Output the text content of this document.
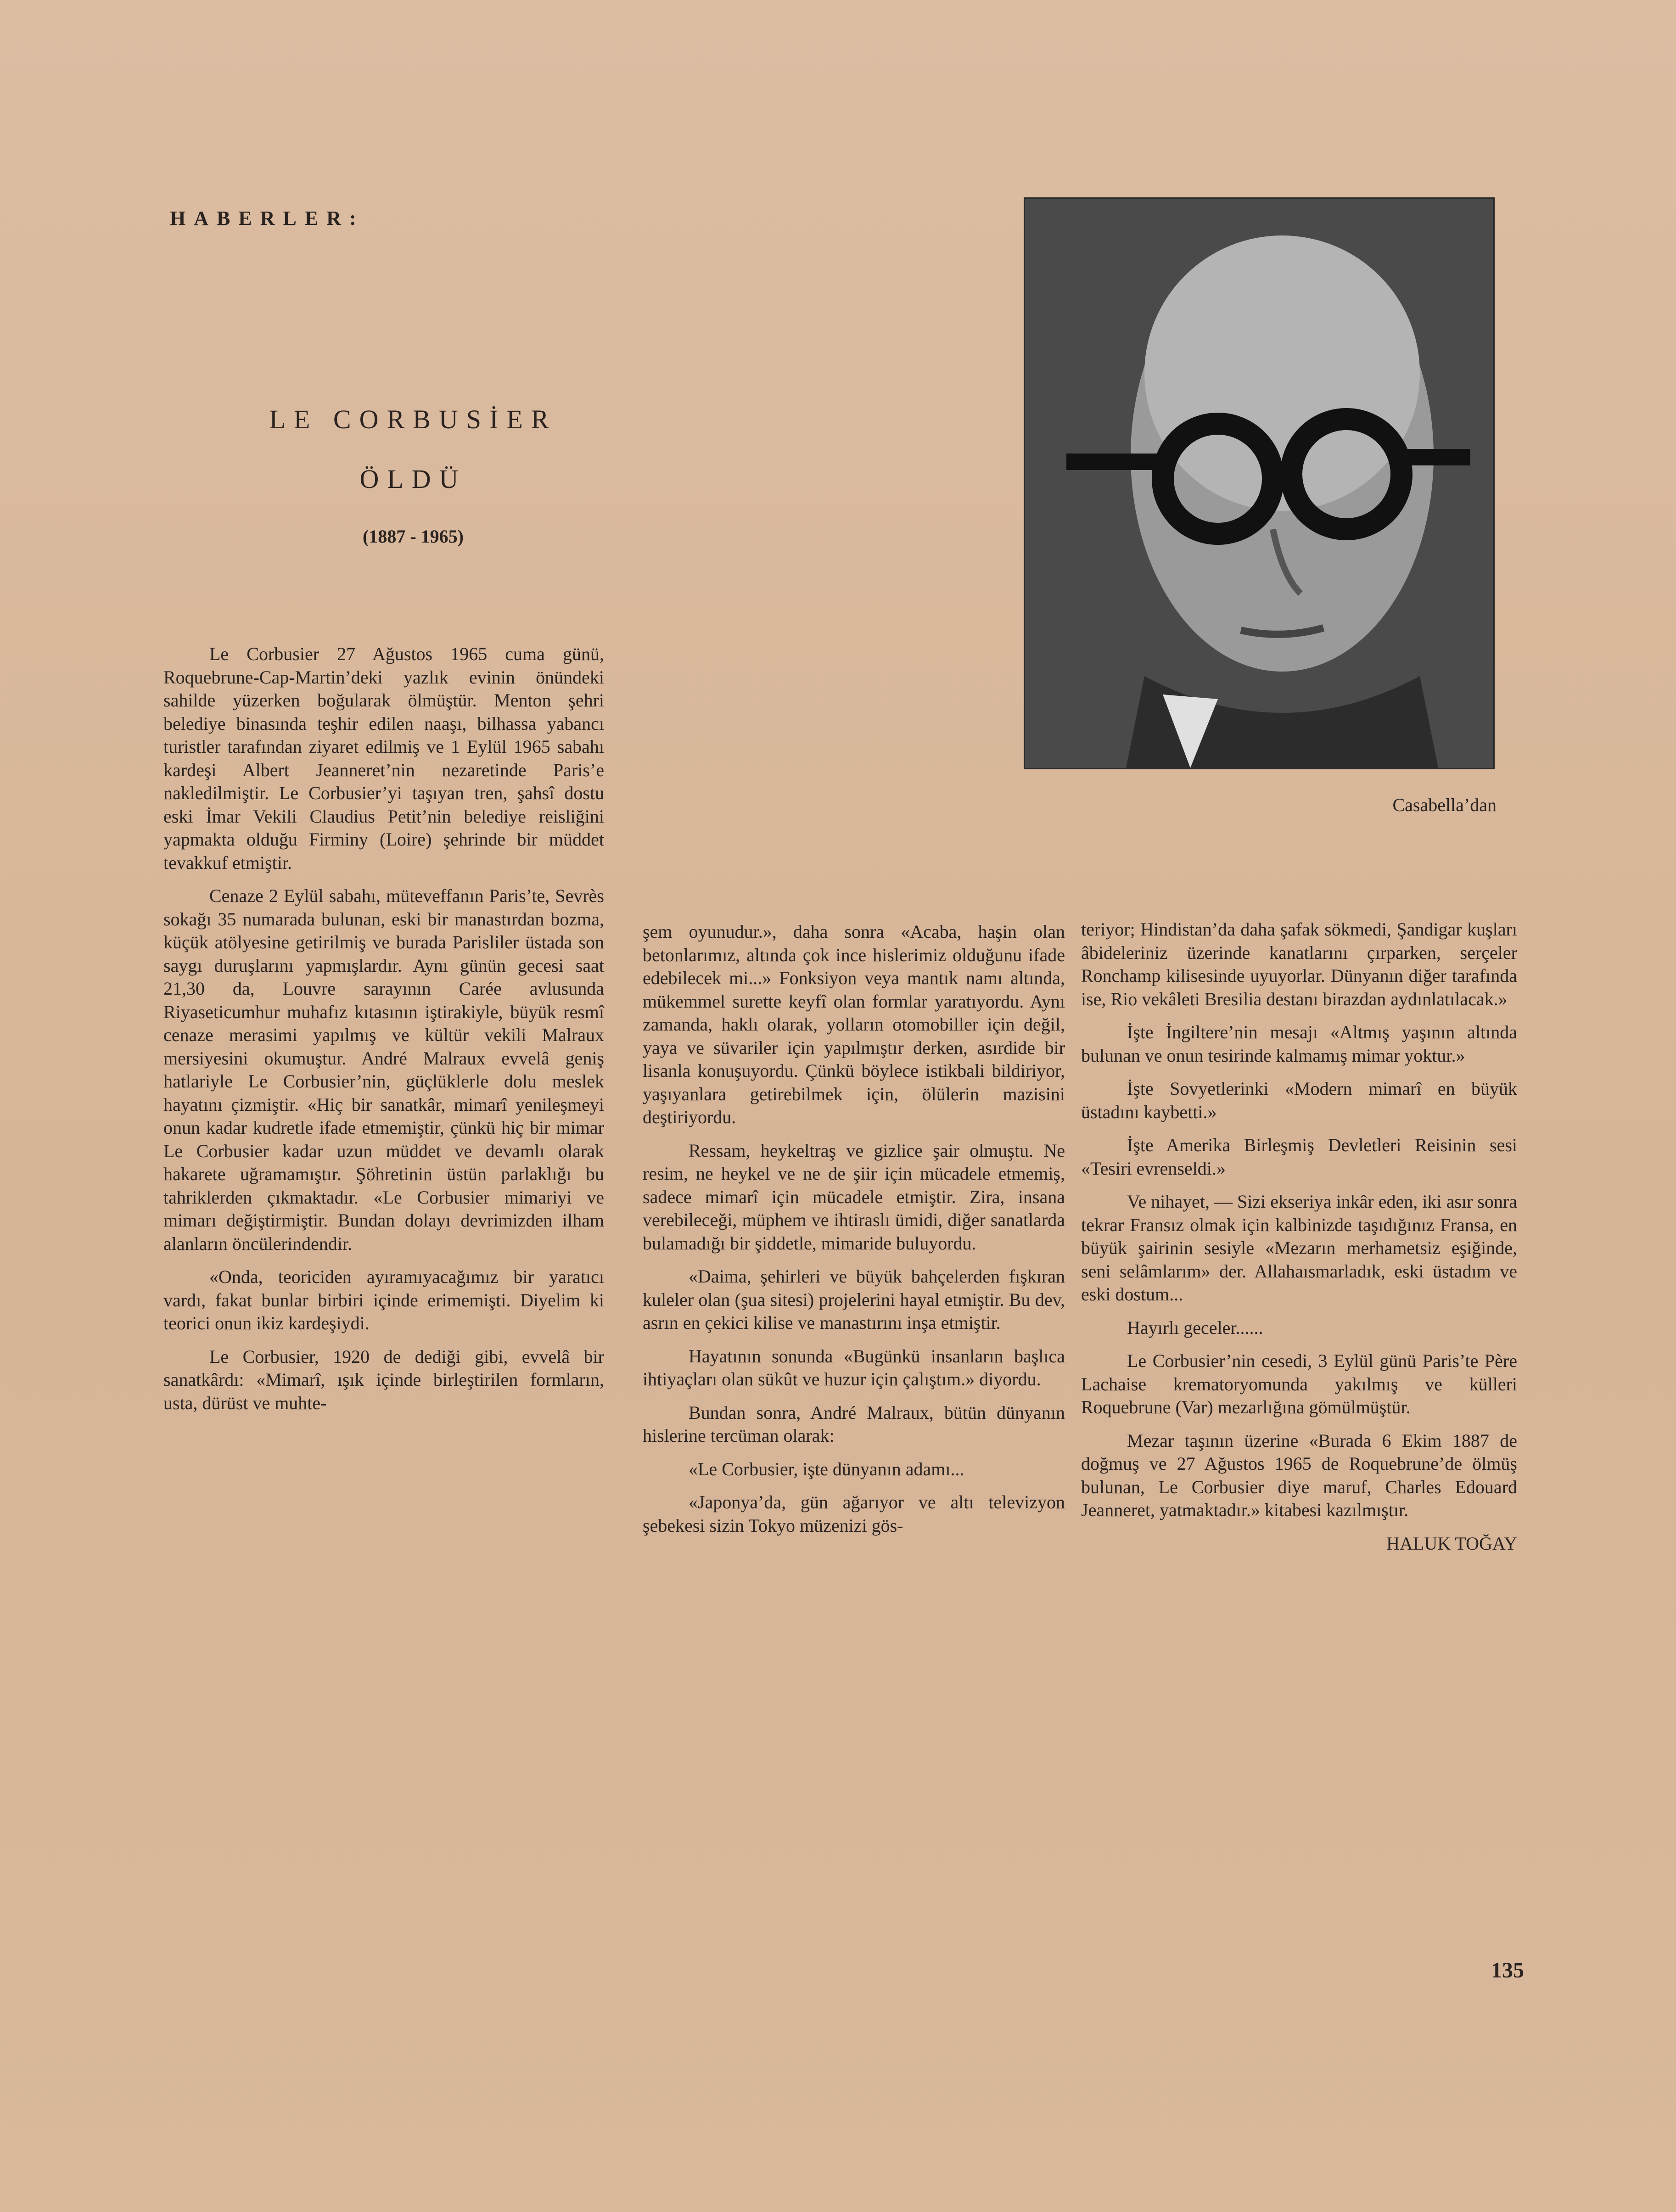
HABERLER:
LE CORBUSİER
ÖLDÜ
(1887 - 1965)
Casabella’dan

Le Corbusier 27 Ağustos 1965 cuma günü, Roquebrune-Cap-Martin’deki yazlık evinin önündeki sahilde yüzerken boğularak ölmüştür. Menton şehri belediye binasında teşhir edilen naaşı, bilhassa yabancı turistler tarafından ziyaret edilmiş ve 1 Eylül 1965 sabahı kardeşi Albert Jeanneret’nin nezaretinde Paris’e nakledilmiştir. Le Corbusier’yi taşıyan tren, şahsî dostu eski İmar Vekili Claudius Petit’nin belediye reisliğini yapmakta olduğu Firminy (Loire) şehrinde bir müddet tevakkuf etmiştir.

Cenaze 2 Eylül sabahı, müteveffanın Paris’te, Sevrès sokağı 35 numarada bulunan, eski bir manastırdan bozma, küçük atölyesine getirilmiş ve burada Parisliler üstada son saygı duruşlarını yapmışlardır. Aynı günün gecesi saat 21,30 da, Louvre sarayının Carée avlusunda Riyaseticumhur muhafız kıtasının iştirakiyle, büyük resmî cenaze merasimi yapılmış ve kültür vekili Malraux mersiyesini okumuştur. André Malraux evvelâ geniş hatlariyle Le Corbusier’nin, güçlüklerle dolu meslek hayatını çizmiştir. «Hiç bir sanatkâr, mimarî yenileşmeyi onun kadar kudretle ifade etmemiştir, çünkü hiç bir mimar Le Corbusier kadar uzun müddet ve devamlı olarak hakarete uğramamıştır. Şöhretinin üstün parlaklığı bu tahriklerden çıkmaktadır. «Le Corbusier mimariyi ve mimarı değiştirmiştir. Bundan dolayı devrimizden ilham alanların öncülerindendir.

«Onda, teoriciden ayıramıyacağımız bir yaratıcı vardı, fakat bunlar birbiri içinde erimemişti. Diyelim ki teorici onun ikiz kardeşiydi.

Le Corbusier, 1920 de dediği gibi, evvelâ bir sanatkârdı: «Mimarî, ışık içinde birleştirilen formların, usta, dürüst ve muhte-

şem oyunudur.», daha sonra «Acaba, haşin olan betonlarımız, altında çok ince hislerimiz olduğunu ifade edebilecek mi...» Fonksiyon veya mantık namı altında, mükemmel surette keyfî olan formlar yaratıyordu. Aynı zamanda, haklı olarak, yolların otomobiller için değil, yaya ve süvariler için yapılmıştır derken, asırdide bir lisanla konuşuyordu. Çünkü böylece istikbali bildiriyor, yaşıyanlara getirebilmek için, ölülerin mazisini deştiriyordu.

Ressam, heykeltraş ve gizlice şair olmuştu. Ne resim, ne heykel ve ne de şiir için mücadele etmemiş, sadece mimarî için mücadele etmiştir. Zira, insana verebileceği, müphem ve ihtiraslı ümidi, diğer sanatlarda bulamadığı bir şiddetle, mimaride buluyordu.

«Daima, şehirleri ve büyük bahçelerden fışkıran kuleler olan (şua sitesi) projelerini hayal etmiştir. Bu dev, asrın en çekici kilise ve manastırını inşa etmiştir.

Hayatının sonunda «Bugünkü insanların başlıca ihtiyaçları olan sükût ve huzur için çalıştım.» diyordu.

Bundan sonra, André Malraux, bütün dünyanın hislerine tercüman olarak:

«Le Corbusier, işte dünyanın adamı...

«Japonya’da, gün ağarıyor ve altı televizyon şebekesi sizin Tokyo müzenizi gös-

teriyor; Hindistan’da daha şafak sökmedi, Şandigar kuşları âbideleriniz üzerinde kanatlarını çırparken, serçeler Ronchamp kilisesinde uyuyorlar. Dünyanın diğer tarafında ise, Rio vekâleti Bresilia destanı birazdan aydınlatılacak.»

İşte İngiltere’nin mesajı «Altmış yaşının altında bulunan ve onun tesirinde kalmamış mimar yoktur.»

İşte Sovyetlerinki «Modern mimarî en büyük üstadını kaybetti.»

İşte Amerika Birleşmiş Devletleri Reisinin sesi «Tesiri evrenseldi.»

Ve nihayet, — Sizi ekseriya inkâr eden, iki asır sonra tekrar Fransız olmak için kalbinizde taşıdığınız Fransa, en büyük şairinin sesiyle «Mezarın merhametsiz eşiğinde, seni selâmlarım» der. Allahaısmarladık, eski üstadım ve eski dostum...

Hayırlı geceler......

Le Corbusier’nin cesedi, 3 Eylül günü Paris’te Père Lachaise krematoryomunda yakılmış ve külleri Roquebrune (Var) mezarlığına gömülmüştür.

Mezar taşının üzerine «Burada 6 Ekim 1887 de doğmuş ve 27 Ağustos 1965 de Roquebrune’de ölmüş bulunan, Le Corbusier diye maruf, Charles Edouard Jeanneret, yatmaktadır.» kitabesi kazılmıştır.

HALUK TOĞAY
135
